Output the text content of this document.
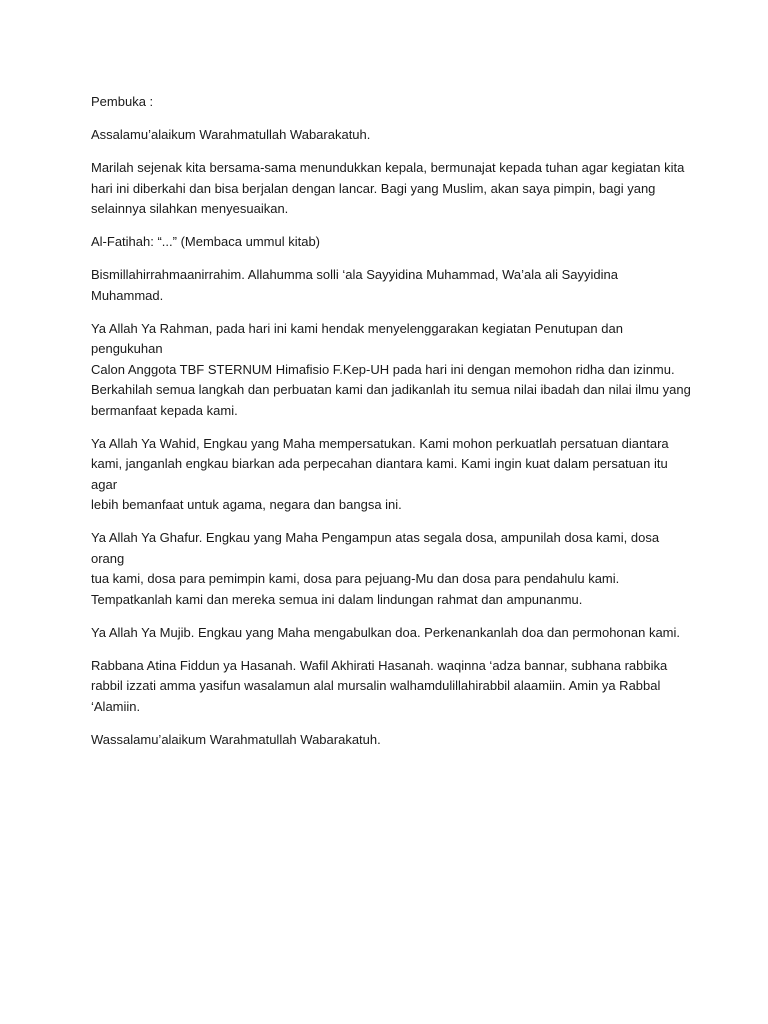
Pembuka :

Assalamu’alaikum Warahmatullah Wabarakatuh.

Marilah sejenak kita bersama-sama menundukkan kepala, bermunajat kepada tuhan agar kegiatan kita
hari ini diberkahi dan bisa berjalan dengan lancar. Bagi yang Muslim, akan saya pimpin, bagi yang
selainnya silahkan menyesuaikan.

Al-Fatihah: “...” (Membaca ummul kitab)

Bismillahirrahmaanirrahim. Allahumma solli ‘ala Sayyidina Muhammad, Wa’ala ali Sayyidina Muhammad.

Ya Allah Ya Rahman, pada hari ini kami hendak menyelenggarakan kegiatan Penutupan dan pengukuhan
Calon Anggota TBF STERNUM Himafisio F.Kep-UH pada hari ini dengan memohon ridha dan izinmu.
Berkahilah semua langkah dan perbuatan kami dan jadikanlah itu semua nilai ibadah dan nilai ilmu yang
bermanfaat kepada kami.

Ya Allah Ya Wahid, Engkau yang Maha mempersatukan. Kami mohon perkuatlah persatuan diantara
kami, janganlah engkau biarkan ada perpecahan diantara kami. Kami ingin kuat dalam persatuan itu agar
lebih bemanfaat untuk agama, negara dan bangsa ini.

Ya Allah Ya Ghafur. Engkau yang Maha Pengampun atas segala dosa, ampunilah dosa kami, dosa orang
tua kami, dosa para pemimpin kami, dosa para pejuang-Mu dan dosa para pendahulu kami.
Tempatkanlah kami dan mereka semua ini dalam lindungan rahmat dan ampunanmu.

Ya Allah Ya Mujib. Engkau yang Maha mengabulkan doa. Perkenankanlah doa dan permohonan kami.

Rabbana Atina Fiddun ya Hasanah. Wafil Akhirati Hasanah. waqinna ‘adza bannar, subhana rabbika
rabbil izzati amma yasifun wasalamun alal mursalin walhamdulillahirabbil alaamiin. Amin ya Rabbal
‘Alamiin.

Wassalamu’alaikum Warahmatullah Wabarakatuh.
